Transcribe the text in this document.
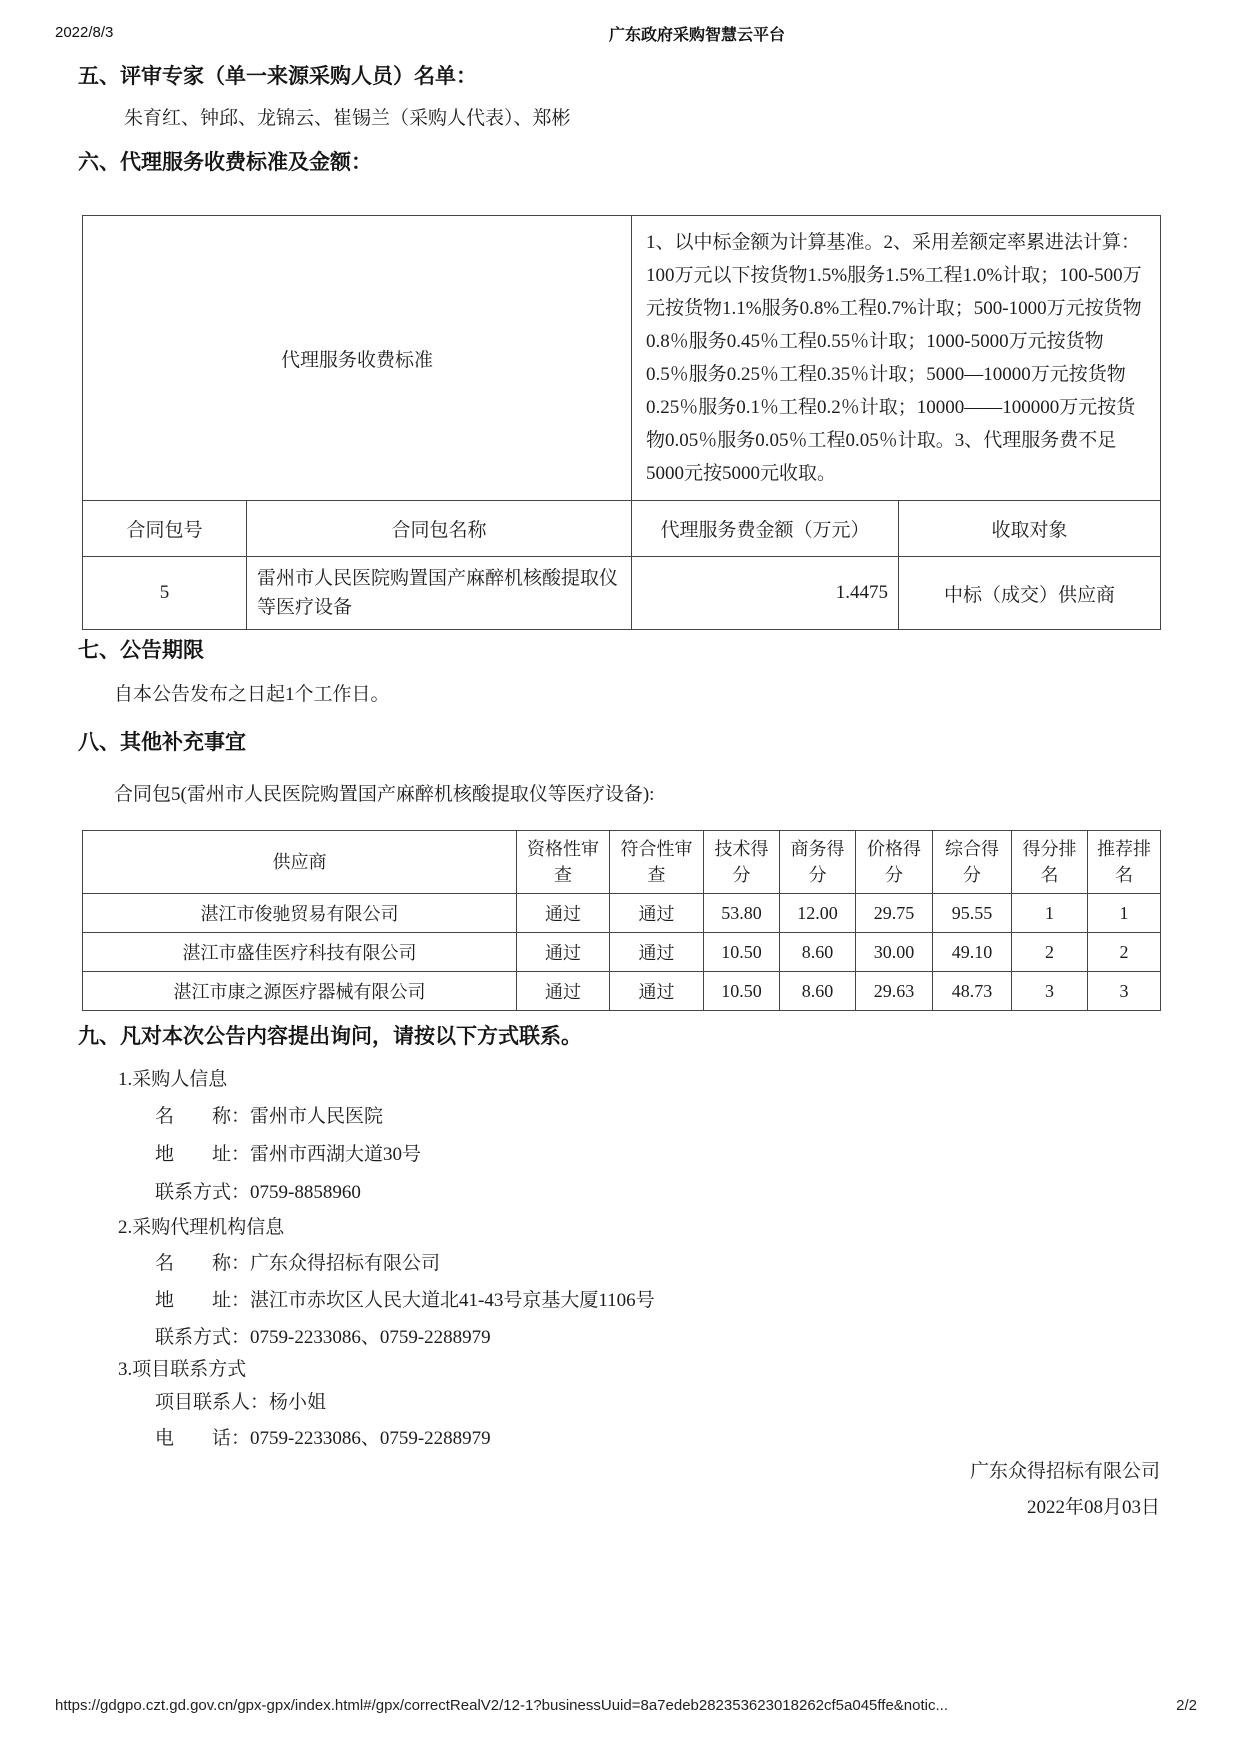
2022/8/3	广东政府采购智慧云平台
五、评审专家（单一来源采购人员）名单：
朱育红、钟邱、龙锦云、崔锡兰（采购人代表）、郑彬
六、代理服务收费标准及金额：
代理服务收费标准		1、以中标金额为计算基准。2、采用差额定率累进法计算：100万元以下按货物1.5%服务1.5%工程1.0%计取；100-500万元按货物1.1%服务0.8%工程0.7%计取；500-1000万元按货物0.8％服务0.45％工程0.55％计取；1000-5000万元按货物0.5％服务0.25％工程0.35％计取；5000—10000万元按货物0.25％服务0.1％工程0.2％计取；10000——100000万元按货物0.05％服务0.05％工程0.05％计取。3、代理服务费不足5000元按5000元收取。	
合同包号	合同包名称	代理服务费金额（万元）	收取对象
5	雷州市人民医院购置国产麻醉机核酸提取仪等医疗设备	1.4475	中标（成交）供应商
七、公告期限
自本公告发布之日起1个工作日。
八、其他补充事宜
合同包5(雷州市人民医院购置国产麻醉机核酸提取仪等医疗设备):
供应商	资格性审查	符合性审查	技术得分	商务得分	价格得分	综合得分	得分排名	推荐排名
湛江市俊驰贸易有限公司	通过	通过	53.80	12.00	29.75	95.55	1	1
湛江市盛佳医疗科技有限公司	通过	通过	10.50	8.60	30.00	49.10	2	2
湛江市康之源医疗器械有限公司	通过	通过	10.50	8.60	29.63	48.73	3	3
九、凡对本次公告内容提出询问，请按以下方式联系。
1.采购人信息
名　　称：雷州市人民医院
地　　址：雷州市西湖大道30号
联系方式：0759-8858960
2.采购代理机构信息
名　　称：广东众得招标有限公司
地　　址：湛江市赤坎区人民大道北41-43号京基大厦1106号
联系方式：0759-2233086、0759-2288979
3.项目联系方式
项目联系人：杨小姐
电　　话：0759-2233086、0759-2288979
广东众得招标有限公司
2022年08月03日
https://gdgpo.czt.gd.gov.cn/gpx-gpx/index.html#/gpx/correctRealV2/12-1?businessUuid=8a7edeb282353623018262cf5a045ffe&notic...	2/2
